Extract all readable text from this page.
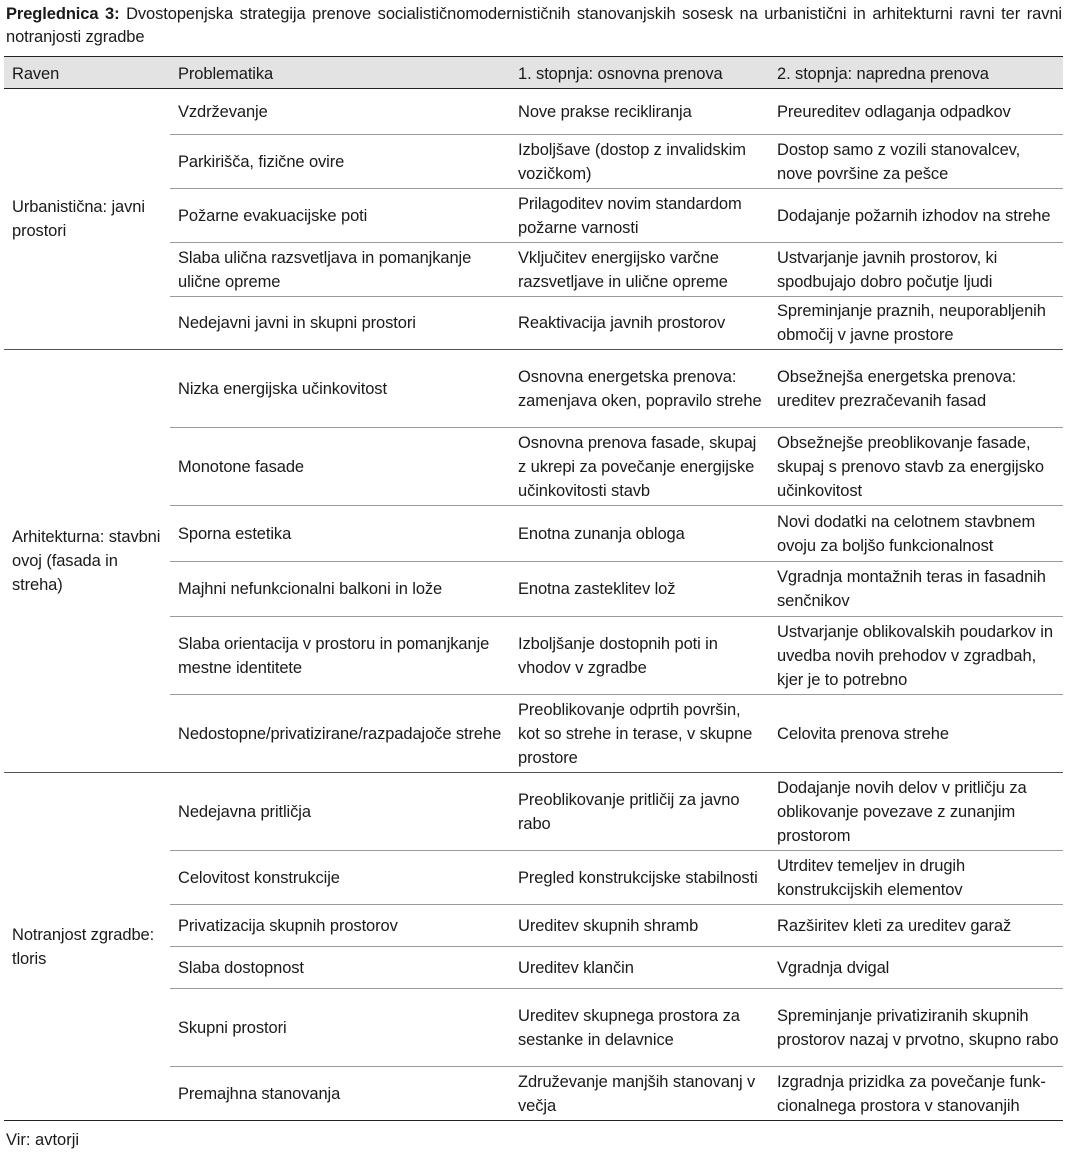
Preglednica 3: Dvostopenjska strategija prenove socialističnomodernističnih stanovanjskih sosesk na urbanistični in arhitekturni ravni ter ravni notranjosti zgradbe
Raven	Problematika	1. stopnja: osnovna prenova	2. stopnja: napredna prenova
Urbanistična: javni prostori	Vzdrževanje	Nove prakse recikliranja	Preureditev odlaganja odpadkov
	Parkirišča, fizične ovire	Izboljšave (dostop z invalidskim vozičkom)	Dostop samo z vozili stanovalcev, nove površine za pešce
	Požarne evakuacijske poti	Prilagoditev novim standardom požarne varnosti	Dodajanje požarnih izhodov na strehe
	Slaba ulična razsvetljava in pomanjkanje ulične opreme	Vključitev energijsko varčne razsvetljave in ulične opreme	Ustvarjanje javnih prostorov, ki spodbujajo dobro počutje ljudi
	Nedejavni javni in skupni prostori	Reaktivacija javnih prostorov	Spreminjanje praznih, neuporabljenih območij v javne prostore
Arhitekturna: stavbni ovoj (fasada in streha)	Nizka energijska učinkovitost	Osnovna energetska prenova: zamenjava oken, popravilo strehe	Obsežnejša energetska prenova: ureditev prezračevanih fasad
	Monotone fasade	Osnovna prenova fasade, skupaj z ukrepi za povečanje energijske učinkovitosti stavb	Obsežnejše preoblikovanje fasade, skupaj s prenovo stavb za energijsko učinkovitost
	Sporna estetika	Enotna zunanja obloga	Novi dodatki na celotnem stavbnem ovoju za boljšo funkcionalnost
	Majhni nefunkcionalni balkoni in lože	Enotna zasteklitev lož	Vgradnja montažnih teras in fasadnih senčnikov
	Slaba orientacija v prostoru in pomanjkanje mestne identitete	Izboljšanje dostopnih poti in vhodov v zgradbe	Ustvarjanje oblikovalskih poudarkov in uvedba novih prehodov v zgradbah, kjer je to potrebno
	Nedostopne/privatizirane/razpadajoče strehe	Preoblikovanje odprtih površin, kot so strehe in terase, v skupne prostore	Celovita prenova strehe
Notranjost zgradbe: tloris	Nedejavna pritličja	Preoblikovanje pritličij za javno rabo	Dodajanje novih delov v pritličju za oblikovanje povezave z zunanjim prostorom
	Celovitost konstrukcije	Pregled konstrukcijske stabilnosti	Utrditev temeljev in drugih konstrukcijskih elementov
	Privatizacija skupnih prostorov	Ureditev skupnih shramb	Razširitev kleti za ureditev garaž
	Slaba dostopnost	Ureditev klančin	Vgradnja dvigal
	Skupni prostori	Ureditev skupnega prostora za sestanke in delavnice	Spreminjanje privatiziranih skupnih prostorov nazaj v prvotno, skupno rabo
	Premajhna stanovanja	Združevanje manjših stanovanj v večja	Izgradnja prizidka za povečanje funkcionalnega prostora v stanovanjih
Vir: avtorji
